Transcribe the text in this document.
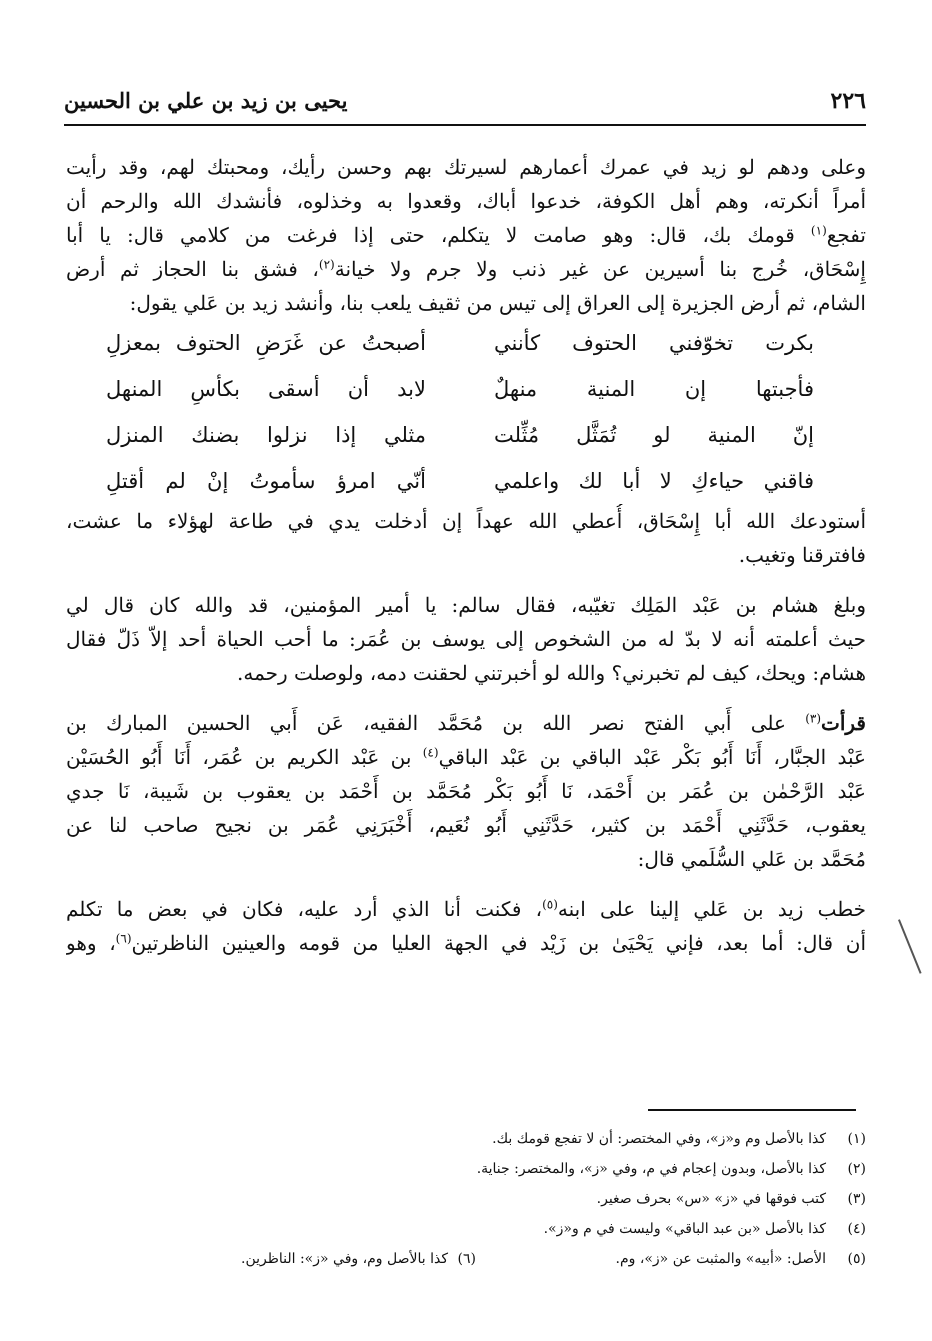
٢٢٦
يحيى بن زيد بن علي بن الحسين
وعلى ودهم لو زيد في عمرك أعمارهم لسيرتك بهم وحسن رأيك، ومحبتك لهم، وقد رأيت
أمراً أنكرته، وهم أهل الكوفة، خدعوا أباك، وقعدوا به وخذلوه، فأنشدك الله والرحم أن
تفجع$^{(١)}$ قومك بك، قال: وهو صامت لا يتكلم، حتى إذا فرغت من كلامي قال: يا أبا
إِسْحَاق، خُرج بنا أسيرين عن غير ذنب ولا جرم ولا خيانة$^{(٢)}$، فشق بنا الحجاز ثم أرض
الشام، ثم أرض الجزيرة إلى العراق إلى تيس من ثقيف يلعب بنا، وأنشد زيد بن عَلي يقول:
بكرت تخوّفني الحتوف كأنني
أصبحتُ عن غَرَضِ الحتوف بمعزلِ
فأجبتها إن المنية منهلٌ
لابد أن أسقى بكأسِ المنهل
إنّ المنية لو تُمَثَّل مُثِّلت
مثلي إذا نزلوا بضنك المنزل
فاقني حياءكِ لا أبا لك واعلمي
أنّي امرؤ سأموتُ إنْ لم أقتلِ
أستودعك الله أبا إِسْحَاق، أُعطي الله عهداً إن أدخلت يدي في طاعة لهؤلاء ما عشت،
فافترقنا وتغيب.
وبلغ هشام بن عَبْد المَلِك تغيّبه، فقال سالم: يا أمير المؤمنين، قد والله كان قال لي
حيث أعلمته أنه لا بدّ له من الشخوص إلى يوسف بن عُمَر: ما أحب الحياة أحد إلاّ ذَلّ فقال
هشام: ويحك، كيف لم تخبرني؟ والله لو أخبرتني لحقنت دمه، ولوصلت رحمه.
قرأت$^{(٣)}$ على أَبي الفتح نصر الله بن مُحَمَّد الفقيه، عَن أَبي الحسين المبارك بن
عَبْد الجبَّار، أَنَا أَبُو بَكْر عَبْد الباقي بن عَبْد الباقي$^{(٤)}$ بن عَبْد الكريم بن عُمَر، أَنَا أَبُو الحُسَيْن
عَبْد الرَّحْمٰن بن عُمَر بن أَحْمَد، نَا أَبُو بَكْر مُحَمَّد بن أَحْمَد بن يعقوب بن شَيبة، نَا جدي
يعقوب، حَدَّثَنِي أَحْمَد بن كثير، حَدَّثَنِي أَبُو نُعَيم، أَخْبَرَنِي عُمَر بن نجيح صاحب لنا عن
مُحَمَّد بن عَلي السُّلَمي قال:
خطب زيد بن عَلي إلينا على ابنه$^{(٥)}$، فكنت أنا الذي أرد عليه، فكان في بعض ما تكلم
أن قال: أما بعد، فإني يَحْيَىٰ بن زَيْد في الجهة العليا من قومه والعينين الناظرتين$^{(٦)}$، وهو
(١)
كذا بالأصل وم و«ز»، وفي المختصر: أن لا تفجع قومك بك.
(٢)
كذا بالأصل، وبدون إعجام في م، وفي «ز»، والمختصر: جناية.
(٣)
كتب فوقها في «ز» «س» بحرف صغير.
(٤)
كذا بالأصل «بن عبد الباقي» وليست في م و«ز».
(٥)
الأصل: «أبيه» والمثبت عن «ز»، وم.
(٦)
كذا بالأصل وم، وفي «ز»: الناظرين.
